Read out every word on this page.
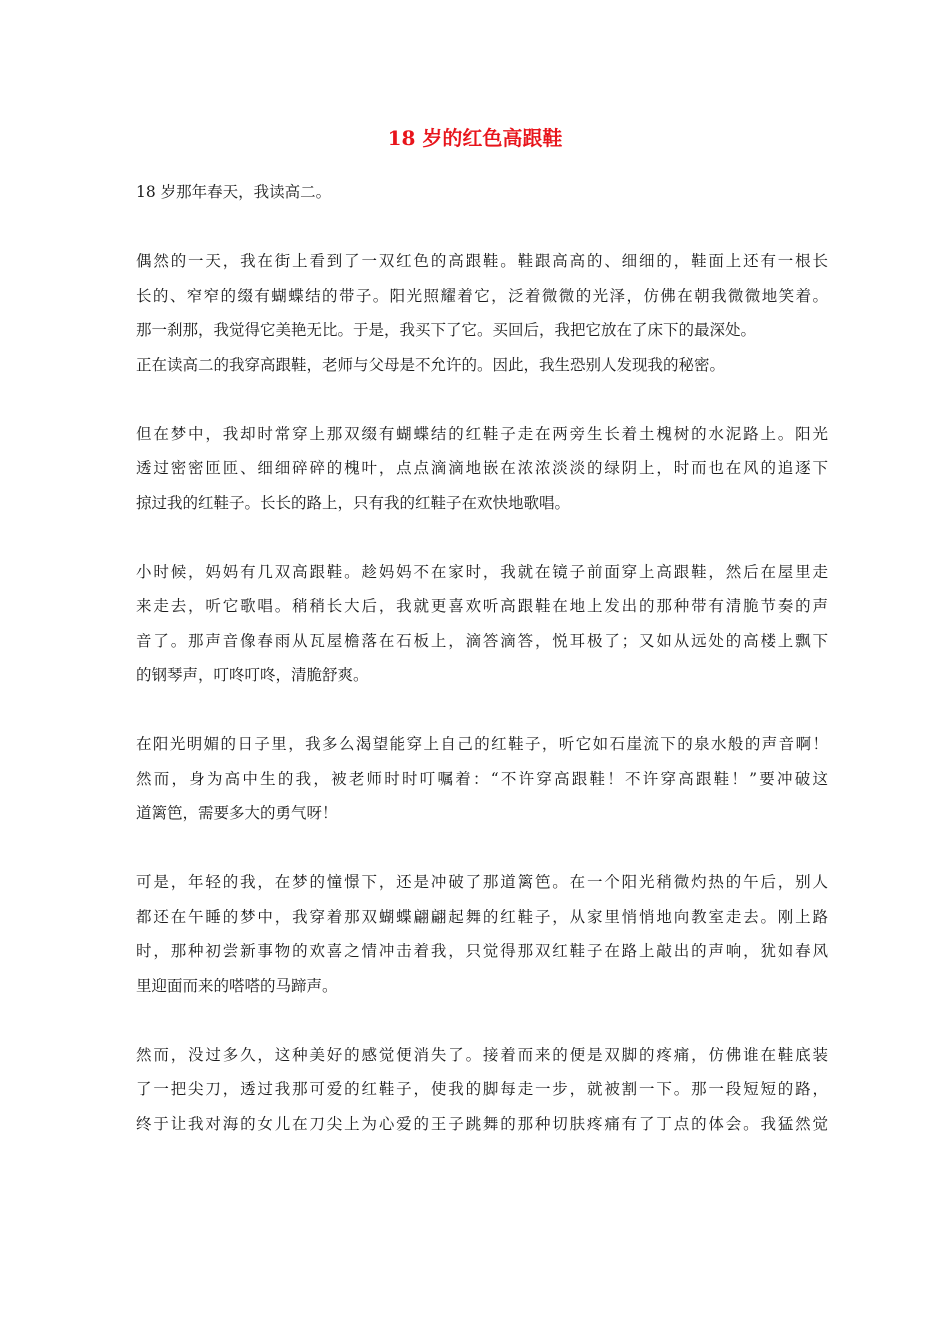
18 岁的红色高跟鞋
18 岁那年春天，我读高二。
偶然的一天，我在街上看到了一双红色的高跟鞋。鞋跟高高的、细细的，鞋面上还有一根长
长的、窄窄的缀有蝴蝶结的带子。阳光照耀着它，泛着微微的光泽，仿佛在朝我微微地笑着。
那一刹那，我觉得它美艳无比。于是，我买下了它。买回后，我把它放在了床下的最深处。
正在读高二的我穿高跟鞋，老师与父母是不允许的。因此，我生恐别人发现我的秘密。
但在梦中，我却时常穿上那双缀有蝴蝶结的红鞋子走在两旁生长着土槐树的水泥路上。阳光
透过密密匝匝、细细碎碎的槐叶，点点滴滴地嵌在浓浓淡淡的绿阴上，时而也在风的追逐下
掠过我的红鞋子。长长的路上，只有我的红鞋子在欢快地歌唱。
小时候，妈妈有几双高跟鞋。趁妈妈不在家时，我就在镜子前面穿上高跟鞋，然后在屋里走
来走去，听它歌唱。稍稍长大后，我就更喜欢听高跟鞋在地上发出的那种带有清脆节奏的声
音了。那声音像春雨从瓦屋檐落在石板上，滴答滴答，悦耳极了；又如从远处的高楼上飘下
的钢琴声，叮咚叮咚，清脆舒爽。
在阳光明媚的日子里，我多么渴望能穿上自己的红鞋子，听它如石崖流下的泉水般的声音啊！
然而，身为高中生的我，被老师时时叮嘱着：“不许穿高跟鞋！不许穿高跟鞋！”要冲破这
道篱笆，需要多大的勇气呀！
可是，年轻的我，在梦的憧憬下，还是冲破了那道篱笆。在一个阳光稍微灼热的午后，别人
都还在午睡的梦中，我穿着那双蝴蝶翩翩起舞的红鞋子，从家里悄悄地向教室走去。刚上路
时，那种初尝新事物的欢喜之情冲击着我，只觉得那双红鞋子在路上敲出的声响，犹如春风
里迎面而来的嗒嗒的马蹄声。
然而，没过多久，这种美好的感觉便消失了。接着而来的便是双脚的疼痛，仿佛谁在鞋底装
了一把尖刀，透过我那可爱的红鞋子，使我的脚每走一步，就被割一下。那一段短短的路，
终于让我对海的女儿在刀尖上为心爱的王子跳舞的那种切肤疼痛有了丁点的体会。我猛然觉
